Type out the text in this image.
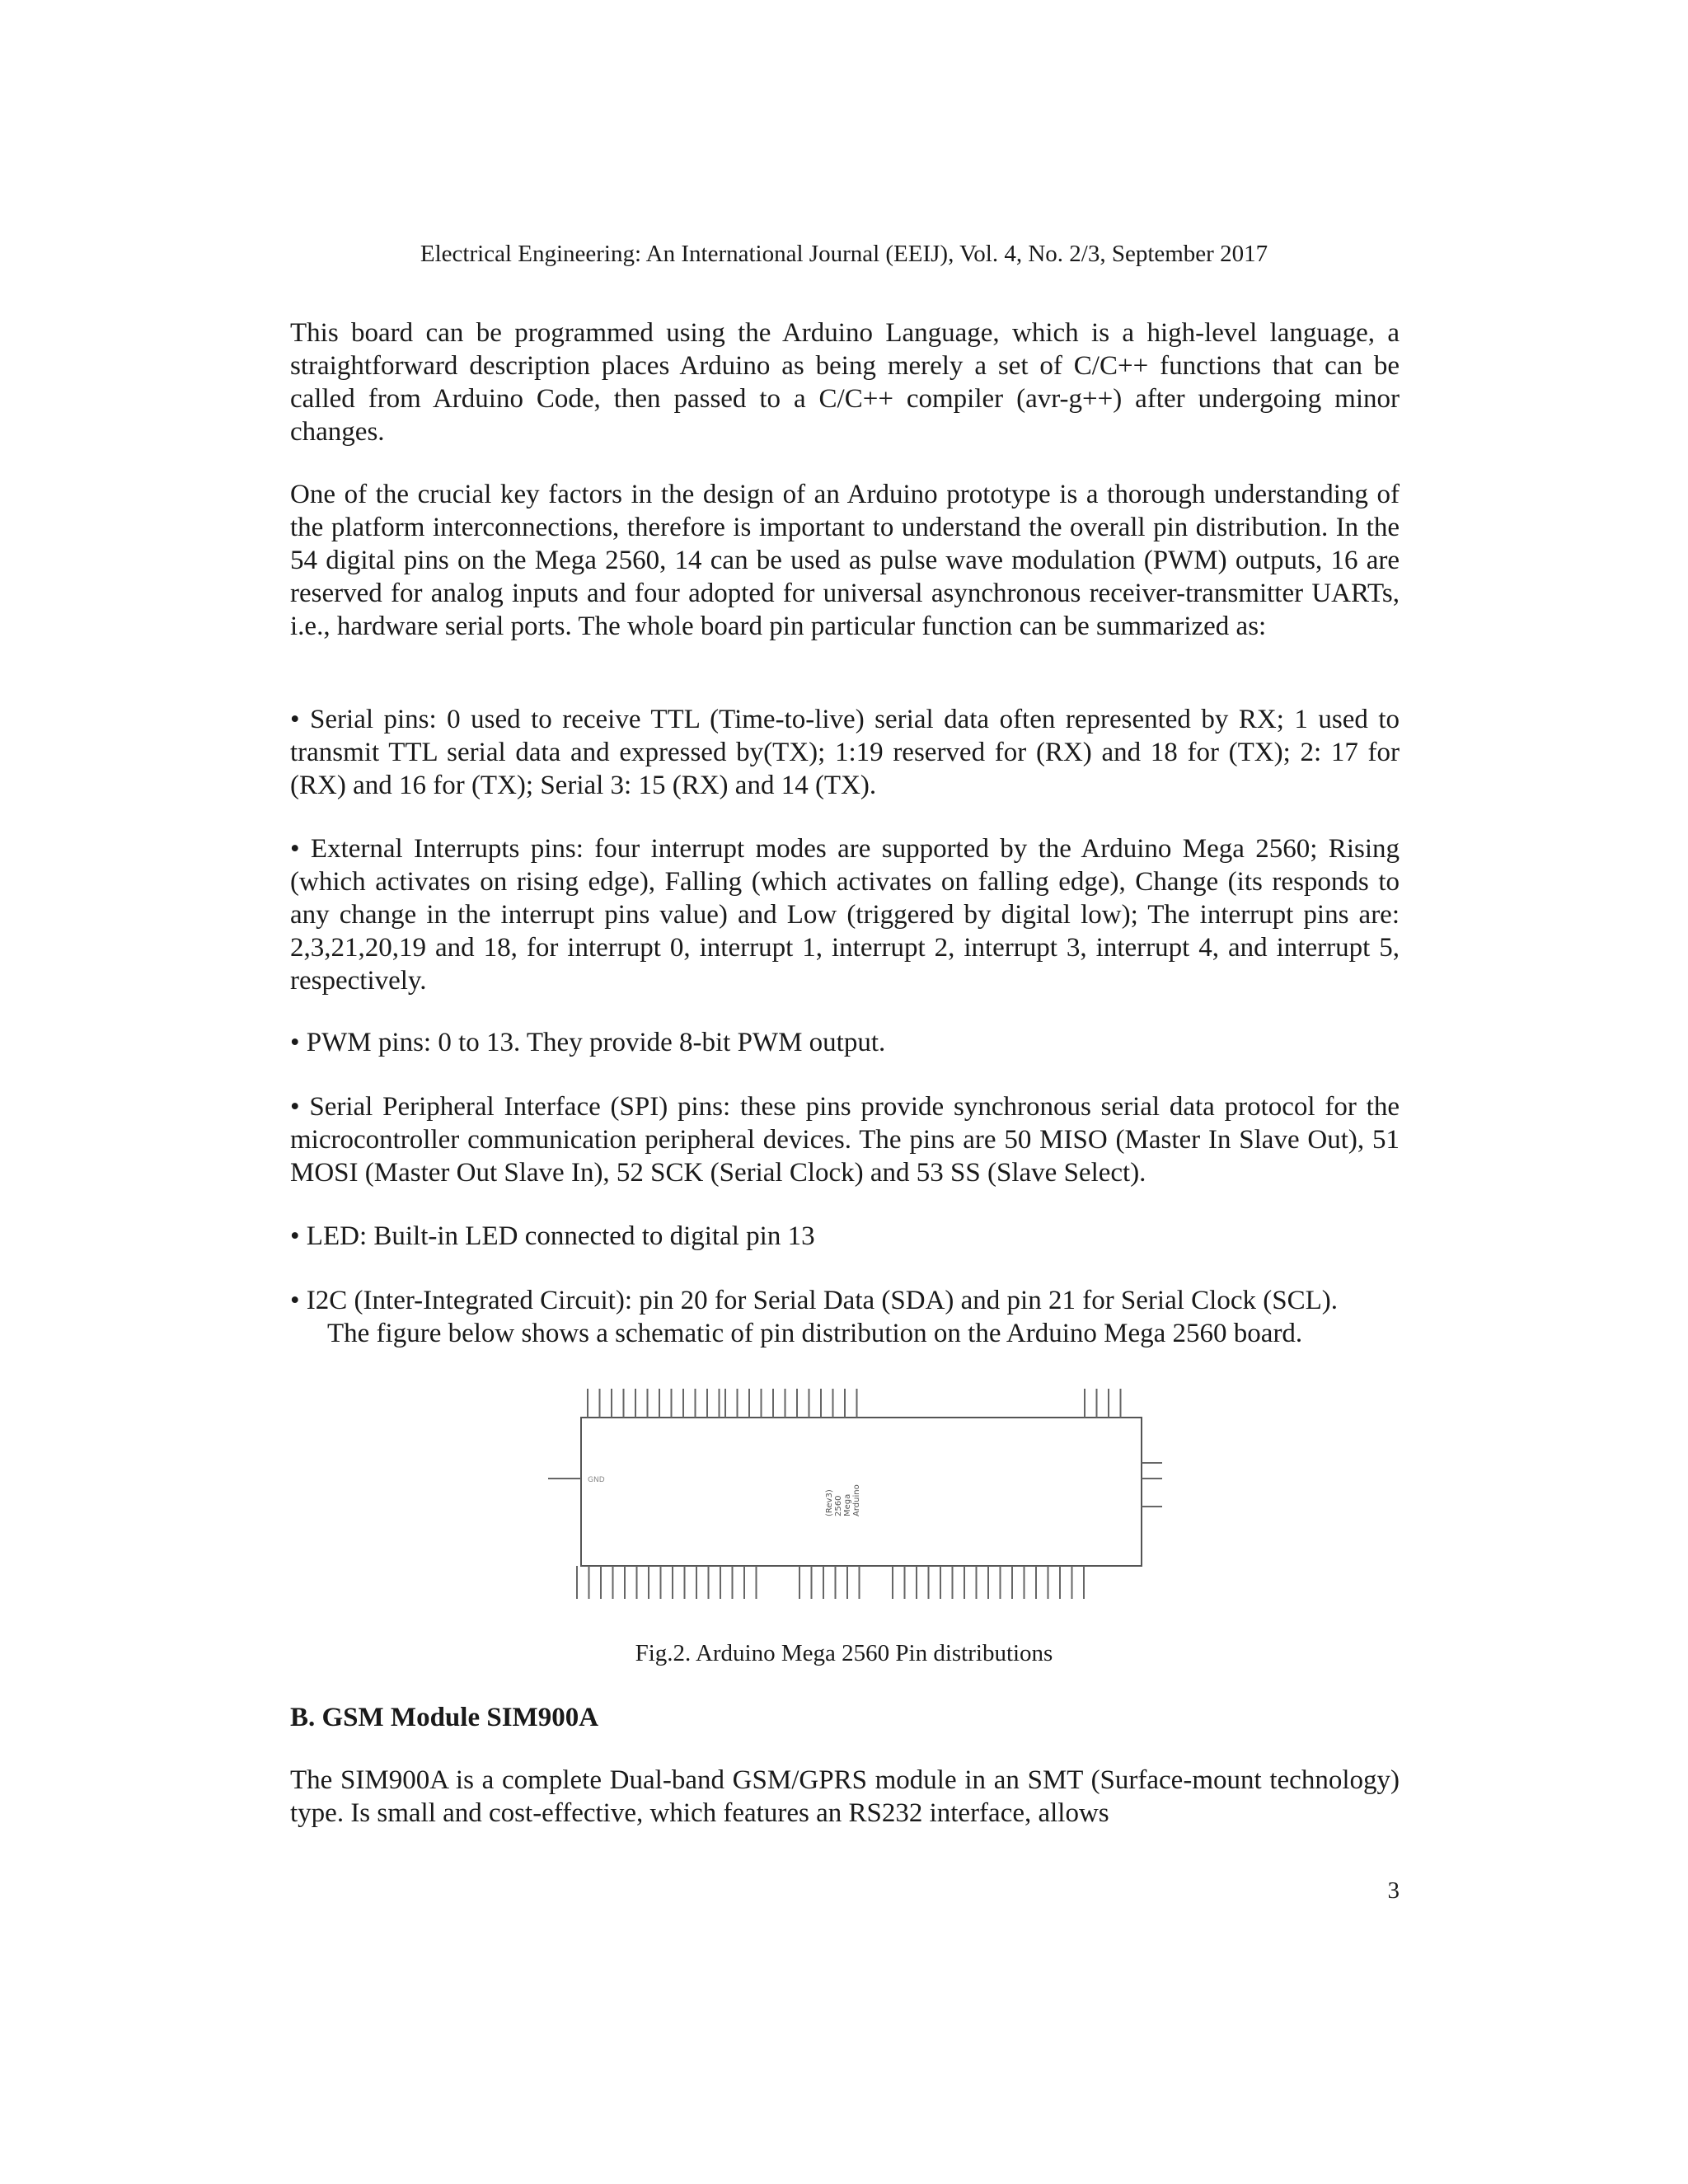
Electrical Engineering: An International Journal (EEIJ), Vol. 4, No. 2/3, September 2017

This board can be programmed using the Arduino Language, which is a high-level language, a straightforward description places Arduino as being merely a set of C/C++ functions that can be called from Arduino Code, then passed to a C/C++ compiler (avr-g++) after undergoing minor changes.

One of the crucial key factors in the design of an Arduino prototype is a thorough understanding of the platform interconnections, therefore is important to understand the overall pin distribution. In the 54 digital pins on the Mega 2560, 14 can be used as pulse wave modulation (PWM) outputs, 16 are reserved for analog inputs and four adopted for universal asynchronous receiver-transmitter UARTs, i.e., hardware serial ports. The whole board pin particular function can be summarized as:

• Serial pins: 0 used to receive TTL (Time-to-live) serial data often represented by RX; 1 used to transmit TTL serial data and expressed by(TX); 1:19 reserved for (RX) and 18 for (TX); 2: 17 for (RX) and 16 for (TX); Serial 3: 15 (RX) and 14 (TX).

• External Interrupts pins: four interrupt modes are supported by the Arduino Mega 2560; Rising (which activates on rising edge), Falling (which activates on falling edge), Change (its responds to any change in the interrupt pins value) and Low (triggered by digital low); The interrupt pins are: 2,3,21,20,19 and 18, for interrupt 0, interrupt 1, interrupt 2, interrupt 3, interrupt 4, and interrupt 5, respectively.

• PWM pins: 0 to 13. They provide 8-bit PWM output.

• Serial Peripheral Interface (SPI) pins: these pins provide synchronous serial data protocol for the microcontroller communication peripheral devices. The pins are 50 MISO (Master In Slave Out), 51 MOSI (Master Out Slave In), 52 SCK (Serial Clock) and 53 SS (Slave Select).

• LED: Built-in LED connected to digital pin 13

• I2C (Inter-Integrated Circuit): pin 20 for Serial Data (SDA) and pin 21 for Serial Clock (SCL).

The figure below shows a schematic of pin distribution on the Arduino Mega 2560 board.

GND
Arduino
Mega
2560
(Rev3)
Fig.2. Arduino Mega 2560 Pin distributions
B. GSM Module SIM900A

The SIM900A is a complete Dual-band GSM/GPRS module in an SMT (Surface-mount technology) type. Is small and cost-effective, which features an RS232 interface, allows

3
